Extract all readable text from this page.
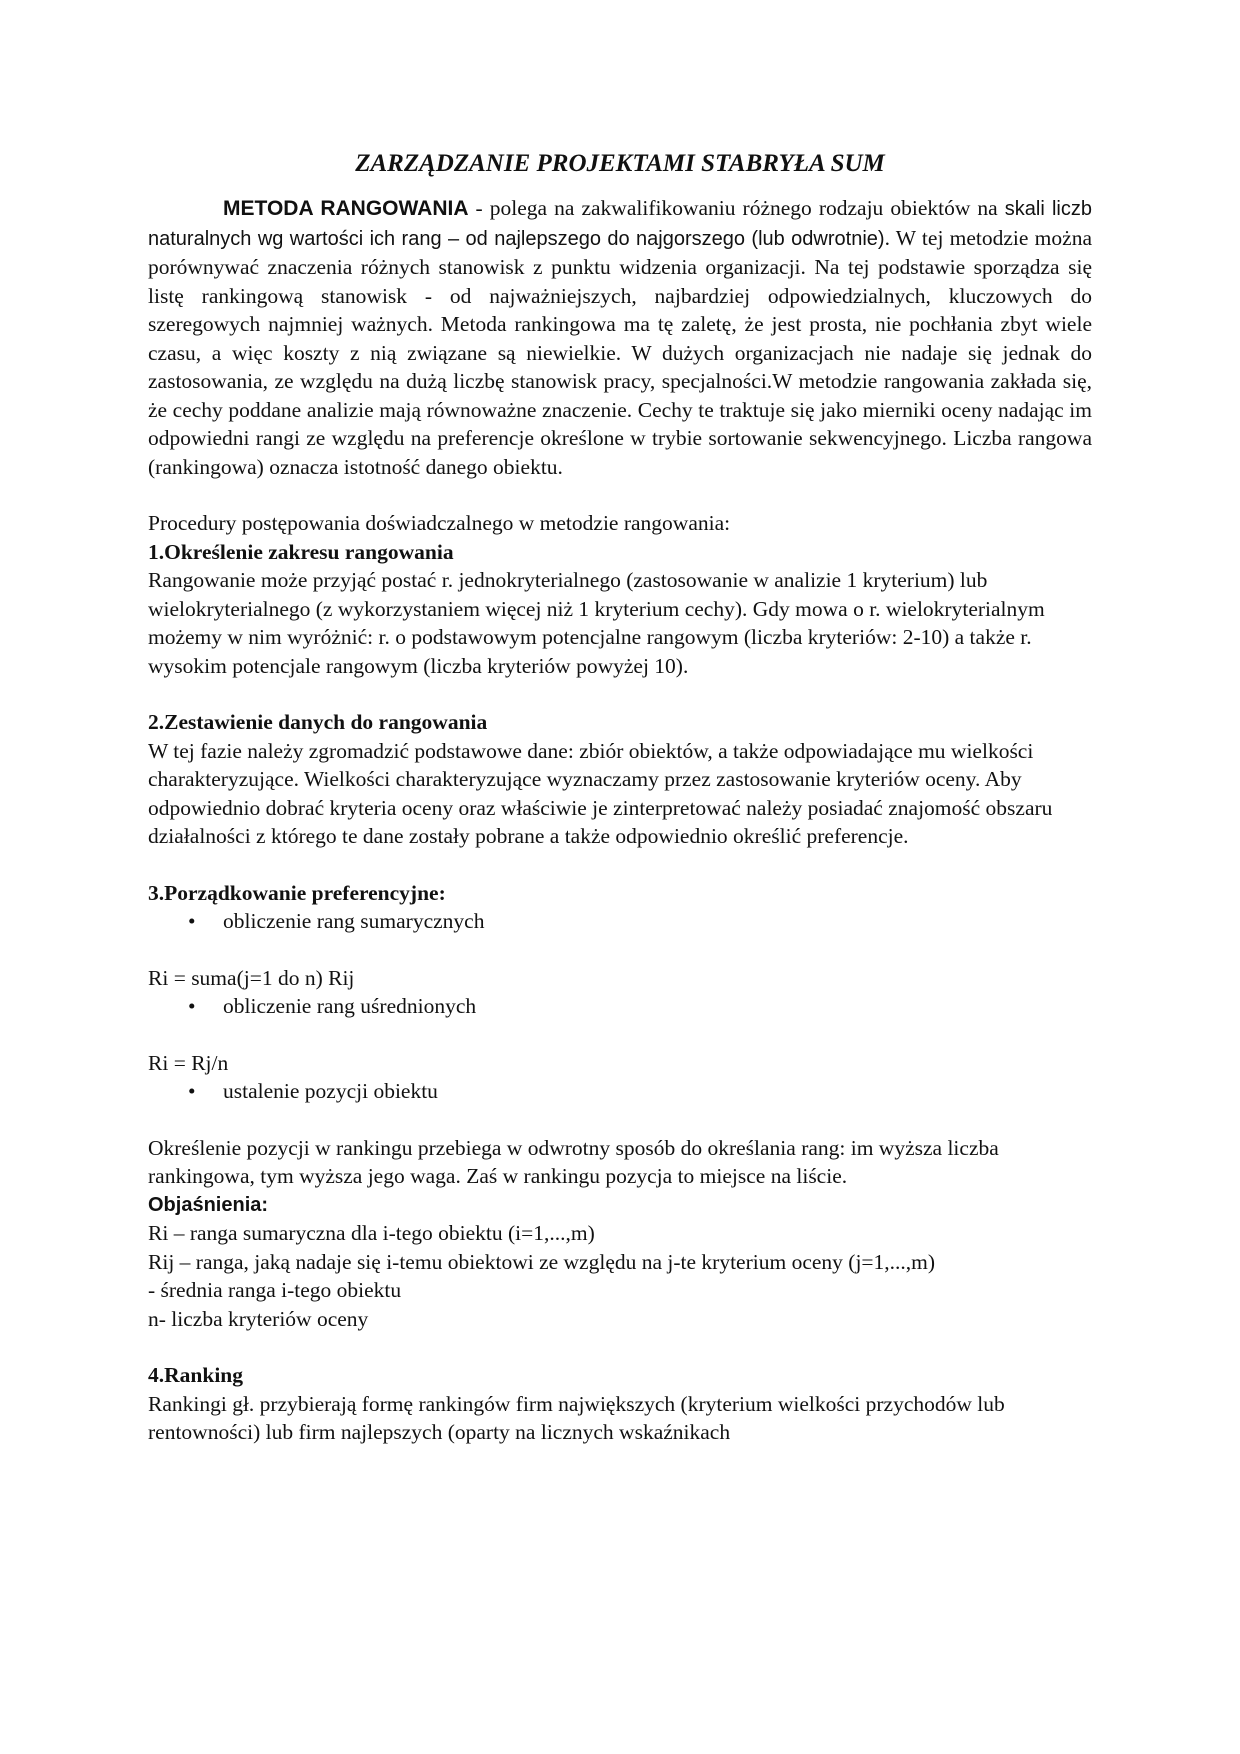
ZARZĄDZANIE PROJEKTAMI STABRYŁA SUM

METODA RANGOWANIA - polega na zakwalifikowaniu różnego rodzaju obiektów na skali liczb naturalnych wg wartości ich rang – od najlepszego do najgorszego (lub odwrotnie). W tej metodzie można porównywać znaczenia różnych stanowisk z punktu widzenia organizacji. Na tej podstawie sporządza się listę rankingową stanowisk - od najważniejszych, najbardziej odpowiedzialnych, kluczowych do szeregowych najmniej ważnych. Metoda rankingowa ma tę zaletę, że jest prosta, nie pochłania zbyt wiele czasu, a więc koszty z nią związane są niewielkie. W dużych organizacjach nie nadaje się jednak do zastosowania, ze względu na dużą liczbę stanowisk pracy, specjalności.W metodzie rangowania zakłada się, że cechy poddane analizie mają równoważne znaczenie. Cechy te traktuje się jako mierniki oceny nadając im odpowiedni rangi ze względu na preferencje określone w trybie sortowanie sekwencyjnego. Liczba rangowa (rankingowa) oznacza istotność danego obiektu.

Procedury postępowania doświadczalnego w metodzie rangowania:

1.Określenie zakresu rangowania

Rangowanie może przyjąć postać r. jednokryterialnego (zastosowanie w analizie 1 kryterium) lub wielokryterialnego (z wykorzystaniem więcej niż 1 kryterium cechy). Gdy mowa o r. wielokryterialnym możemy w nim wyróżnić: r. o podstawowym potencjalne rangowym (liczba kryteriów: 2-10) a także r. wysokim potencjale rangowym (liczba kryteriów powyżej 10).

2.Zestawienie danych do rangowania

W tej fazie należy zgromadzić podstawowe dane: zbiór obiektów, a także odpowiadające mu wielkości charakteryzujące. Wielkości charakteryzujące wyznaczamy przez zastosowanie kryteriów oceny. Aby odpowiednio dobrać kryteria oceny oraz właściwie je zinterpretować należy posiadać znajomość obszaru działalności z którego te dane zostały pobrane a także odpowiednio określić preferencje.

3.Porządkowanie preferencyjne:

• obliczenie rang sumarycznych

Ri = suma(j=1 do n) Rij

• obliczenie rang uśrednionych

Ri = Rj/n

• ustalenie pozycji obiektu

Określenie pozycji w rankingu przebiega w odwrotny sposób do określania rang: im wyższa liczba rankingowa, tym wyższa jego waga. Zaś w rankingu pozycja to miejsce na liście.

Objaśnienia:

Ri – ranga sumaryczna dla i-tego obiektu (i=1,...,m)

Rij – ranga, jaką nadaje się i-temu obiektowi ze względu na j-te kryterium oceny (j=1,...,m)

- średnia ranga i-tego obiektu

n- liczba kryteriów oceny

4.Ranking

Rankingi gł. przybierają formę rankingów firm największych (kryterium wielkości przychodów lub rentowności) lub firm najlepszych (oparty na licznych wskaźnikach
